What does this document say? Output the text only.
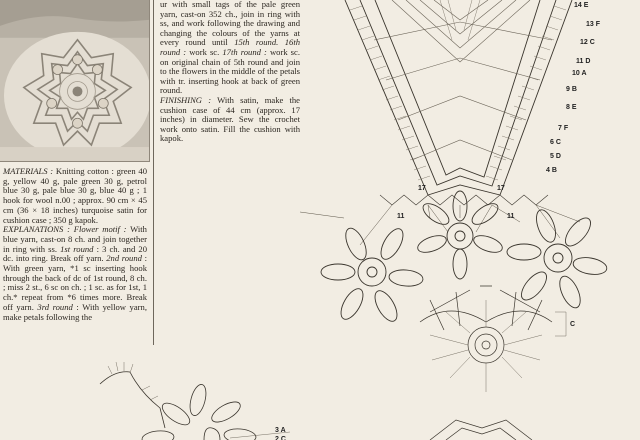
MATERIALS : Knitting cotton : green 40 g, yellow 40 g, pale green 30 g, petrol blue 30 g, pale blue 30 g, blue 40 g ; 1 hook for wool n.00 ; approx. 90 cm × 45 cm (36 × 18 inches) turquoise satin for cushion case ; 350 g kapok.

EXPLANATIONS : Flower motif : With blue yarn, cast-on 8 ch. and join together in ring with ss. 1st round : 3 ch. and 20 dc. into ring. Break off yarn. 2nd round : With green yarn, *1 sc inserting hook through the back of dc of 1st round, 8 ch. ; miss 2 st., 6 sc on ch. ; 1 sc. as for 1st, 1 ch.* repeat from *6 times more. Break off yarn. 3rd round : With yellow yarn, make petals following the

ur with small tags of the pale green yarn, cast-on 352 ch., join in ring with ss, and work following the drawing and changing the colours of the yarns at every round until 15th round. 16th round : work sc. 17th round : work sc. on original chain of 5th round and join to the flowers in the middle of the petals with tr. inserting hook at back of green round.

FINISHING : With satin, make the cushion case of 44 cm (approx. 17 inches) in diameter. Sew the crochet work onto satin. Fill the cushion with kapok.

14 E
13 F
12 C
11 D
10 A
9 B
8 E
7 F
6 C
5 D
4 B
3 A
2 C
C
11	11
17	17
